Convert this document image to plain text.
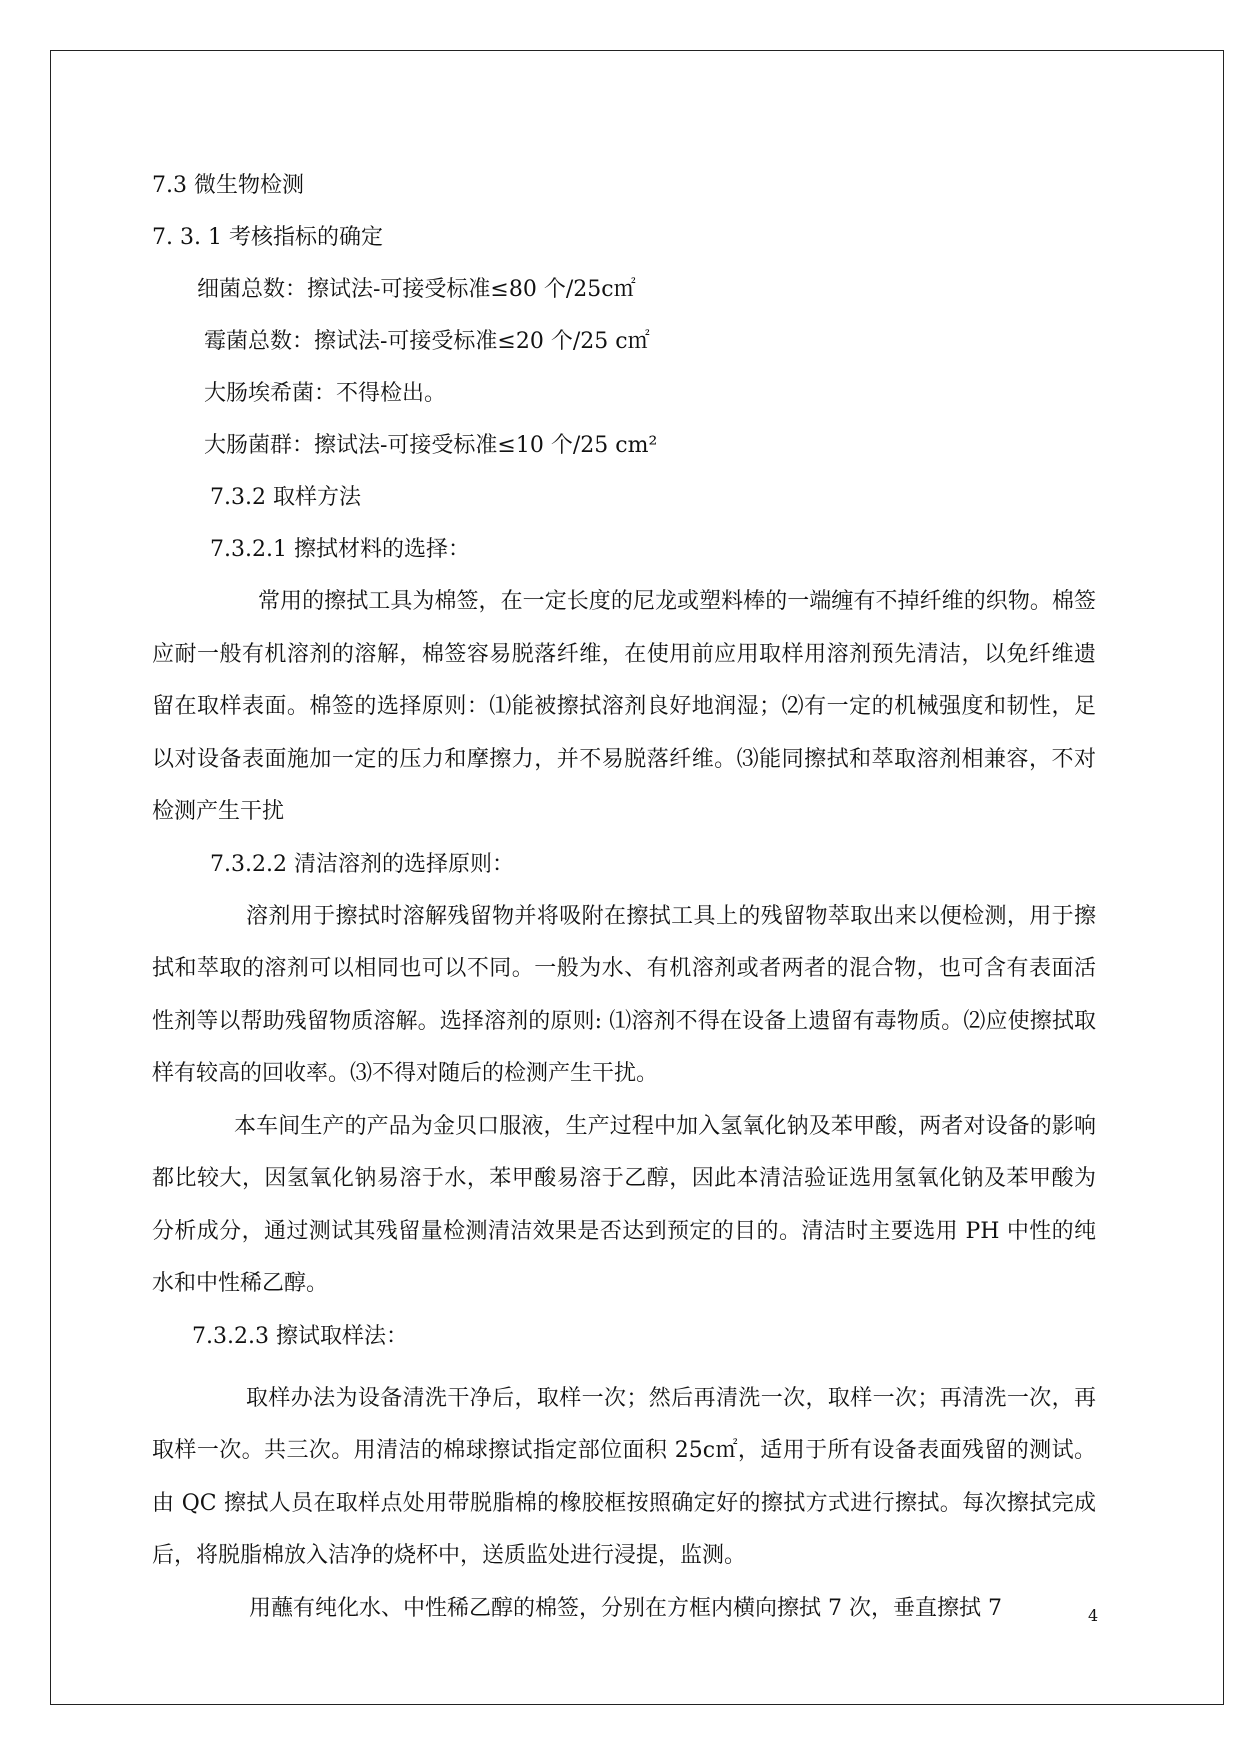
7.3 微生物检测
7. 3. 1 考核指标的确定
细菌总数：擦试法-可接受标准≤80 个/25c㎡
霉菌总数：擦试法-可接受标准≤20 个/25 c㎡
大肠埃希菌：不得检出。
大肠菌群：擦试法-可接受标准≤10 个/25 cm²
7.3.2 取样方法
7.3.2.1 擦拭材料的选择：

常用的擦拭工具为棉签，在一定长度的尼龙或塑料棒的一端缠有不掉纤维的织物。棉签应耐一般有机溶剂的溶解，棉签容易脱落纤维，在使用前应用取样用溶剂预先清洁，以免纤维遗留在取样表面。棉签的选择原则：⑴能被擦拭溶剂良好地润湿；⑵有一定的机械强度和韧性，足以对设备表面施加一定的压力和摩擦力，并不易脱落纤维。⑶能同擦拭和萃取溶剂相兼容，不对检测产生干扰

7.3.2.2 清洁溶剂的选择原则：

溶剂用于擦拭时溶解残留物并将吸附在擦拭工具上的残留物萃取出来以便检测，用于擦拭和萃取的溶剂可以相同也可以不同。一般为水、有机溶剂或者两者的混合物，也可含有表面活性剂等以帮助残留物质溶解。选择溶剂的原则: ⑴溶剂不得在设备上遗留有毒物质。⑵应使擦拭取样有较高的回收率。⑶不得对随后的检测产生干扰。

本车间生产的产品为金贝口服液，生产过程中加入氢氧化钠及苯甲酸，两者对设备的影响都比较大，因氢氧化钠易溶于水，苯甲酸易溶于乙醇，因此本清洁验证选用氢氧化钠及苯甲酸为分析成分，通过测试其残留量检测清洁效果是否达到预定的目的。清洁时主要选用 PH 中性的纯水和中性稀乙醇。

7.3.2.3 擦试取样法：

取样办法为设备清洗干净后，取样一次；然后再清洗一次，取样一次；再清洗一次，再取样一次。共三次。用清洁的棉球擦试指定部位面积 25c㎡，适用于所有设备表面残留的测试。由 QC 擦拭人员在取样点处用带脱脂棉的橡胶框按照确定好的擦拭方式进行擦拭。每次擦拭完成后，将脱脂棉放入洁净的烧杯中，送质监处进行浸提，监测。

用蘸有纯化水、中性稀乙醇的棉签，分别在方框内横向擦拭 7 次，垂直擦拭 7	4
